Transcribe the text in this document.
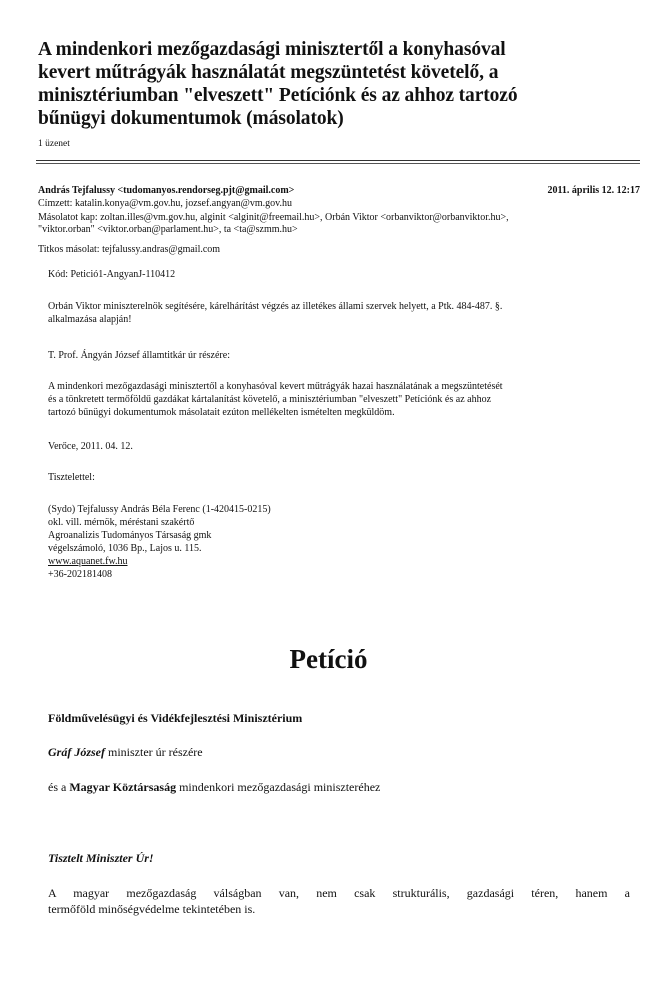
A mindenkori mezőgazdasági minisztertől a konyhasóval
kevert műtrágyák használatát megszüntetést követelő, a
minisztériumban "elveszett" Petíciónk és az ahhoz tartozó
bűnügyi dokumentumok (másolatok)
1 üzenet
András Tejfalussy <tudomanyos.rendorseg.pjt@gmail.com>	2011. április 12. 12:17
Címzett: katalin.konya@vm.gov.hu, jozsef.angyan@vm.gov.hu
Másolatot kap: zoltan.illes@vm.gov.hu, alginit <alginit@freemail.hu>, Orbán Viktor <orbanviktor@orbanviktor.hu>,
"viktor.orban" <viktor.orban@parlament.hu>, ta <ta@szmm.hu>
Titkos másolat: tejfalussy.andras@gmail.com
Kód: Petició1-AngyanJ-110412
Orbán Viktor miniszterelnök segítésére, kárelhárítást végzés az illetékes állami szervek helyett, a Ptk. 484-487. §.
alkalmazása alapján!
T. Prof. Ángyán József államtitkár úr részére:
A mindenkori mezőgazdasági minisztertől a konyhasóval kevert műtrágyák hazai használatának a megszüntetését
és a tönkretett termőföldű gazdákat kártalanítást követelő, a minisztériumban "elveszett" Petíciónk és az ahhoz
tartozó bűnügyi dokumentumok másolatait ezúton mellékelten ismételten megküldöm.
Verőce, 2011. 04. 12.
Tisztelettel:
(Sydo) Tejfalussy András Béla Ferenc (1-420415-0215)
okl. vill. mérnök, méréstani szakértő
Agroanalizis Tudományos Társaság gmk
végelszámoló, 1036 Bp., Lajos u. 115.
www.aquanet.fw.hu
+36-202181408
Petíció
Földművelésügyi és Vidékfejlesztési Minisztérium
Gráf József miniszter úr részére
és a Magyar Köztársaság mindenkori mezőgazdasági miniszteréhez
Tisztelt Miniszter Úr!
A magyar mezőgazdaság válságban van, nem csak strukturális, gazdasági téren, hanem a
termőföld minőségvédelme tekintetében is.
